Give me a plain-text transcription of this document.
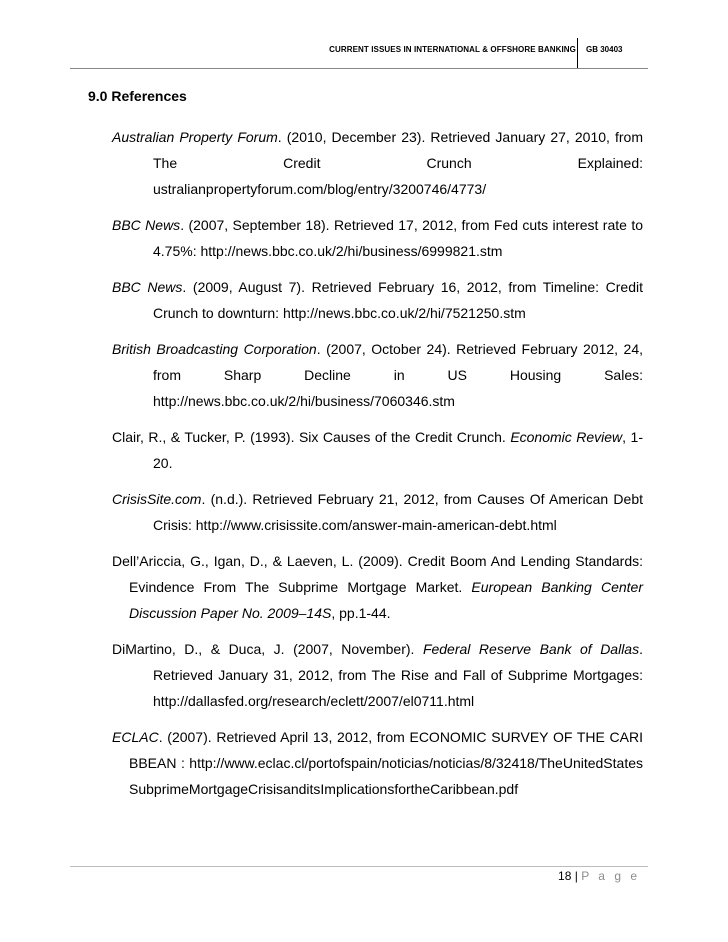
CURRENT ISSUES IN INTERNATIONAL & OFFSHORE BANKING GB 30403
9.0 References

Australian Property Forum. (2010, December 23). Retrieved January 27, 2010, from The Credit Crunch Explained: ustralianpropertyforum.com/blog/entry/3200746/4773/

BBC News. (2007, September 18). Retrieved 17, 2012, from Fed cuts interest rate to 4.75%: http://news.bbc.co.uk/2/hi/business/6999821.stm

BBC News. (2009, August 7). Retrieved February 16, 2012, from Timeline: Credit Crunch to downturn: http://news.bbc.co.uk/2/hi/7521250.stm

British Broadcasting Corporation. (2007, October 24). Retrieved February 2012, 24, from Sharp Decline in US Housing Sales: http://news.bbc.co.uk/2/hi/business/7060346.stm

Clair, R., & Tucker, P. (1993). Six Causes of the Credit Crunch. Economic Review, 1-20.

CrisisSite.com. (n.d.). Retrieved February 21, 2012, from Causes Of American Debt Crisis: http://www.crisissite.com/answer-main-american-debt.html

Dell’Ariccia, G., Igan, D., & Laeven, L. (2009). Credit Boom And Lending Standards: Evindence From The Subprime Mortgage Market. European Banking Center Discussion Paper No. 2009–14S, pp.1-44.

DiMartino, D., & Duca, J. (2007, November). Federal Reserve Bank of Dallas. Retrieved January 31, 2012, from The Rise and Fall of Subprime Mortgages: http://dallasfed.org/research/eclett/2007/el0711.html

ECLAC. (2007). Retrieved April 13, 2012, from ECONOMIC SURVEY OF THE CARIBBEAN : http://www.eclac.cl/portofspain/noticias/noticias/8/32418/TheUnitedStatesSubprimeMortgageCrisisanditsImplicationsfortheCaribbean.pdf

18 | P a g e
